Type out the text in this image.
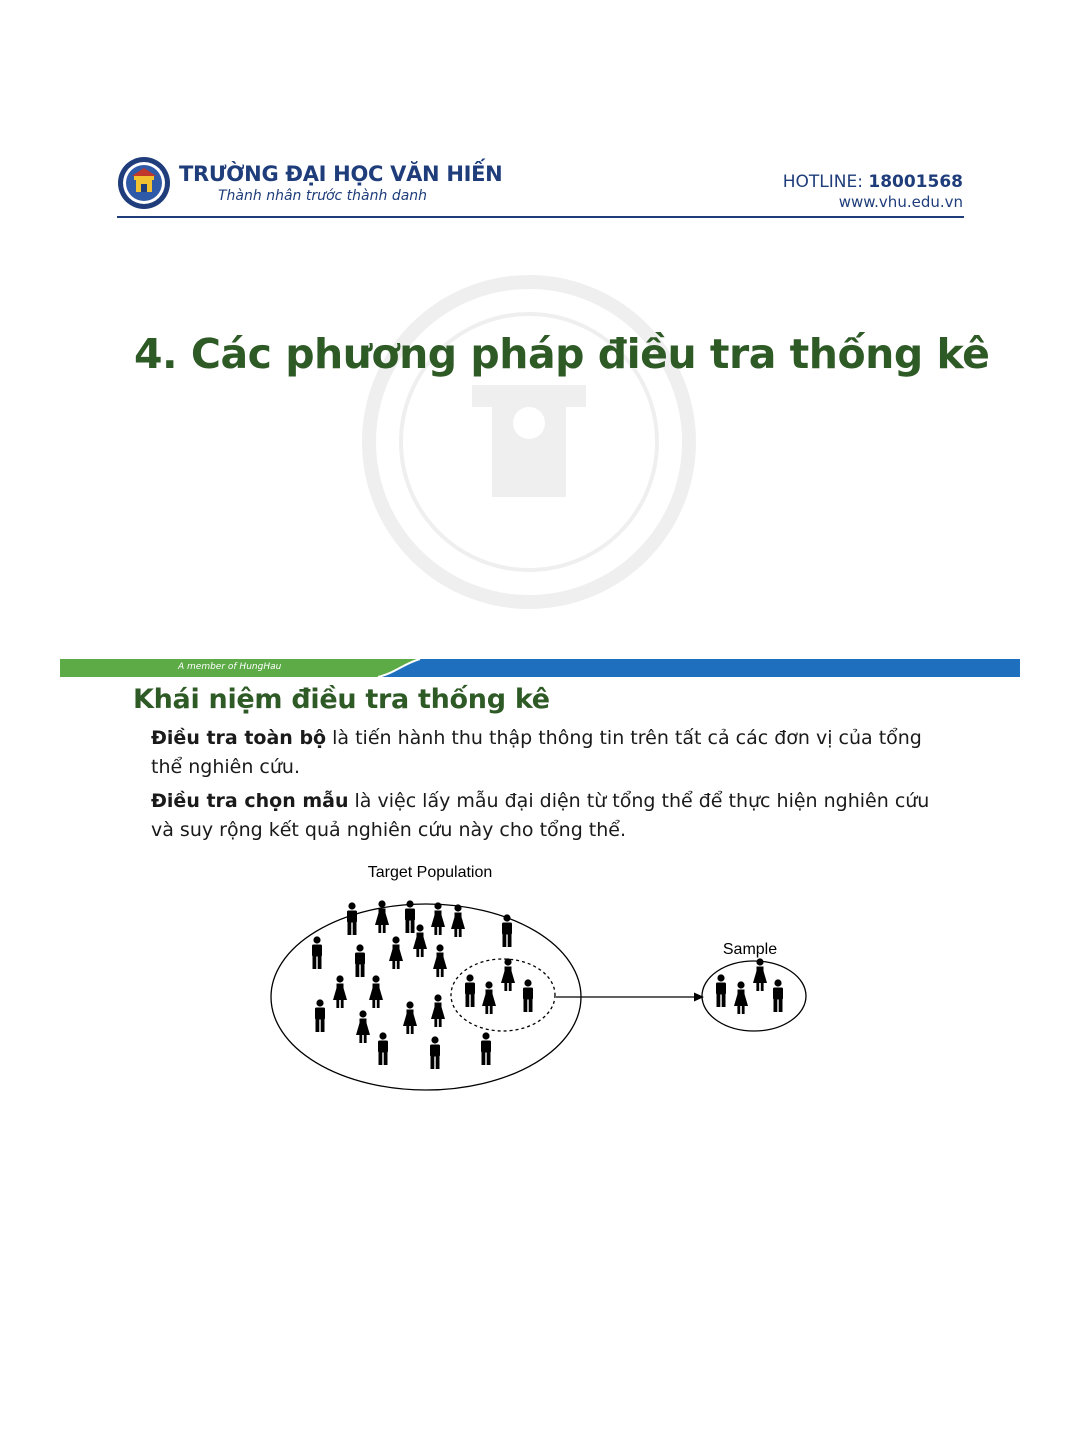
TRƯỜNG ĐẠI HỌC VĂN HIẾN
Thành nhân trước thành danh
HOTLINE: 18001568
www.vhu.edu.vn
4. Các phương pháp điều tra thống kê
A member of HungHau
Khái niệm điều tra thống kê
Điều tra toàn bộ là tiến hành thu thập thông tin trên tất cả các đơn vị của tổng thể nghiên cứu.
Điều tra chọn mẫu là việc lấy mẫu đại diện từ tổng thể để thực hiện nghiên cứu và suy rộng kết quả nghiên cứu này cho tổng thể.
Target Population
Sample
